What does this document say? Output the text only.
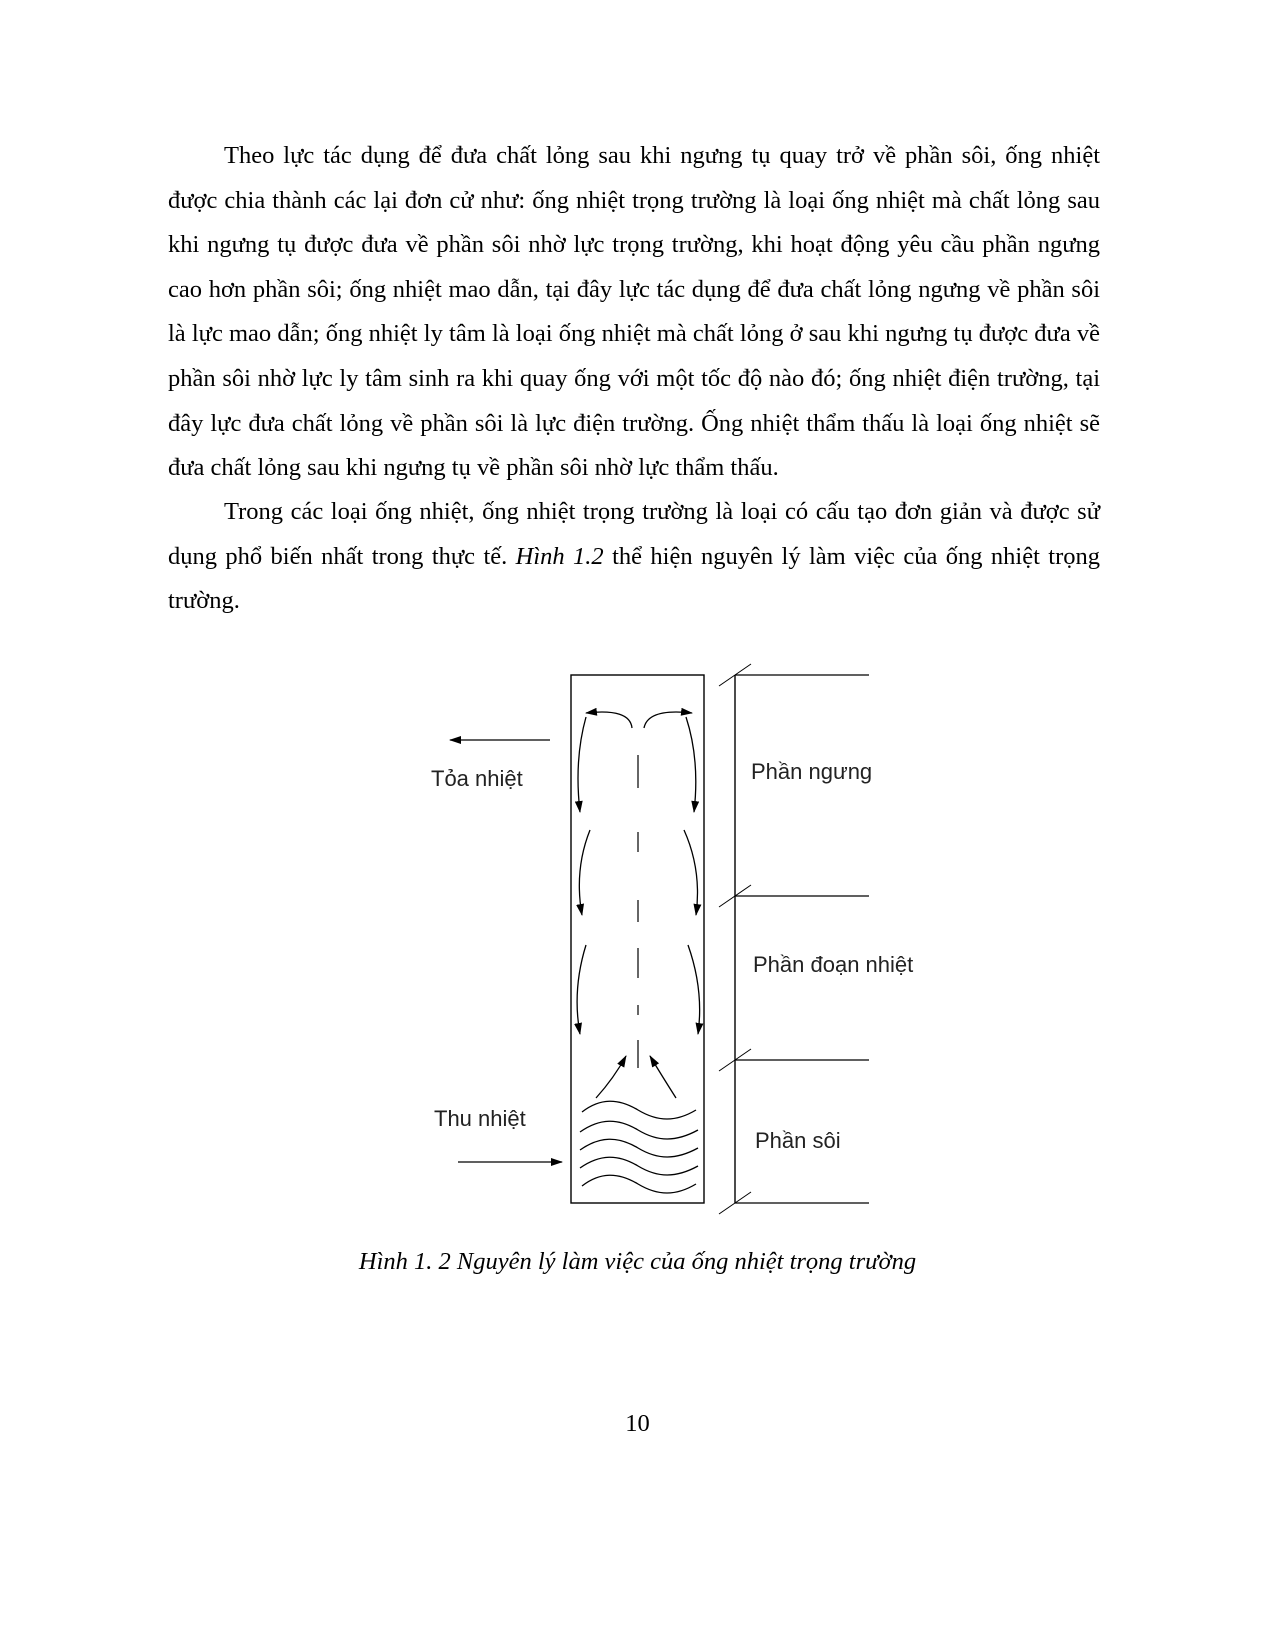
Theo lực tác dụng để đưa chất lỏng sau khi ngưng tụ quay trở về phần sôi, ống nhiệt được chia thành các lại đơn cử như: ống nhiệt trọng trường là loại ống nhiệt mà chất lỏng sau khi ngưng tụ được đưa về phần sôi nhờ lực trọng trường, khi hoạt động yêu cầu phần ngưng cao hơn phần sôi; ống nhiệt mao dẫn, tại đây lực tác dụng để đưa chất lỏng ngưng về phần sôi là lực mao dẫn; ống nhiệt ly tâm là loại ống nhiệt mà chất lỏng ở sau khi ngưng tụ được đưa về phần sôi nhờ lực ly tâm sinh ra khi quay ống với một tốc độ nào đó; ống nhiệt điện trường, tại đây lực đưa chất lỏng về phần sôi là lực điện trường. Ống nhiệt thẩm thấu là loại ống nhiệt sẽ đưa chất lỏng sau khi ngưng tụ về phần sôi nhờ lực thẩm thấu.

Trong các loại ống nhiệt, ống nhiệt trọng trường là loại có cấu tạo đơn giản và được sử dụng phổ biến nhất trong thực tế. Hình 1.2 thể hiện nguyên lý làm việc của ống nhiệt trọng trường.

Tỏa nhiệt
Thu nhiệt
Phần ngưng
Phần đoạn nhiệt
Phần sôi
Hình 1. 2 Nguyên lý làm việc của ống nhiệt trọng trường
10
